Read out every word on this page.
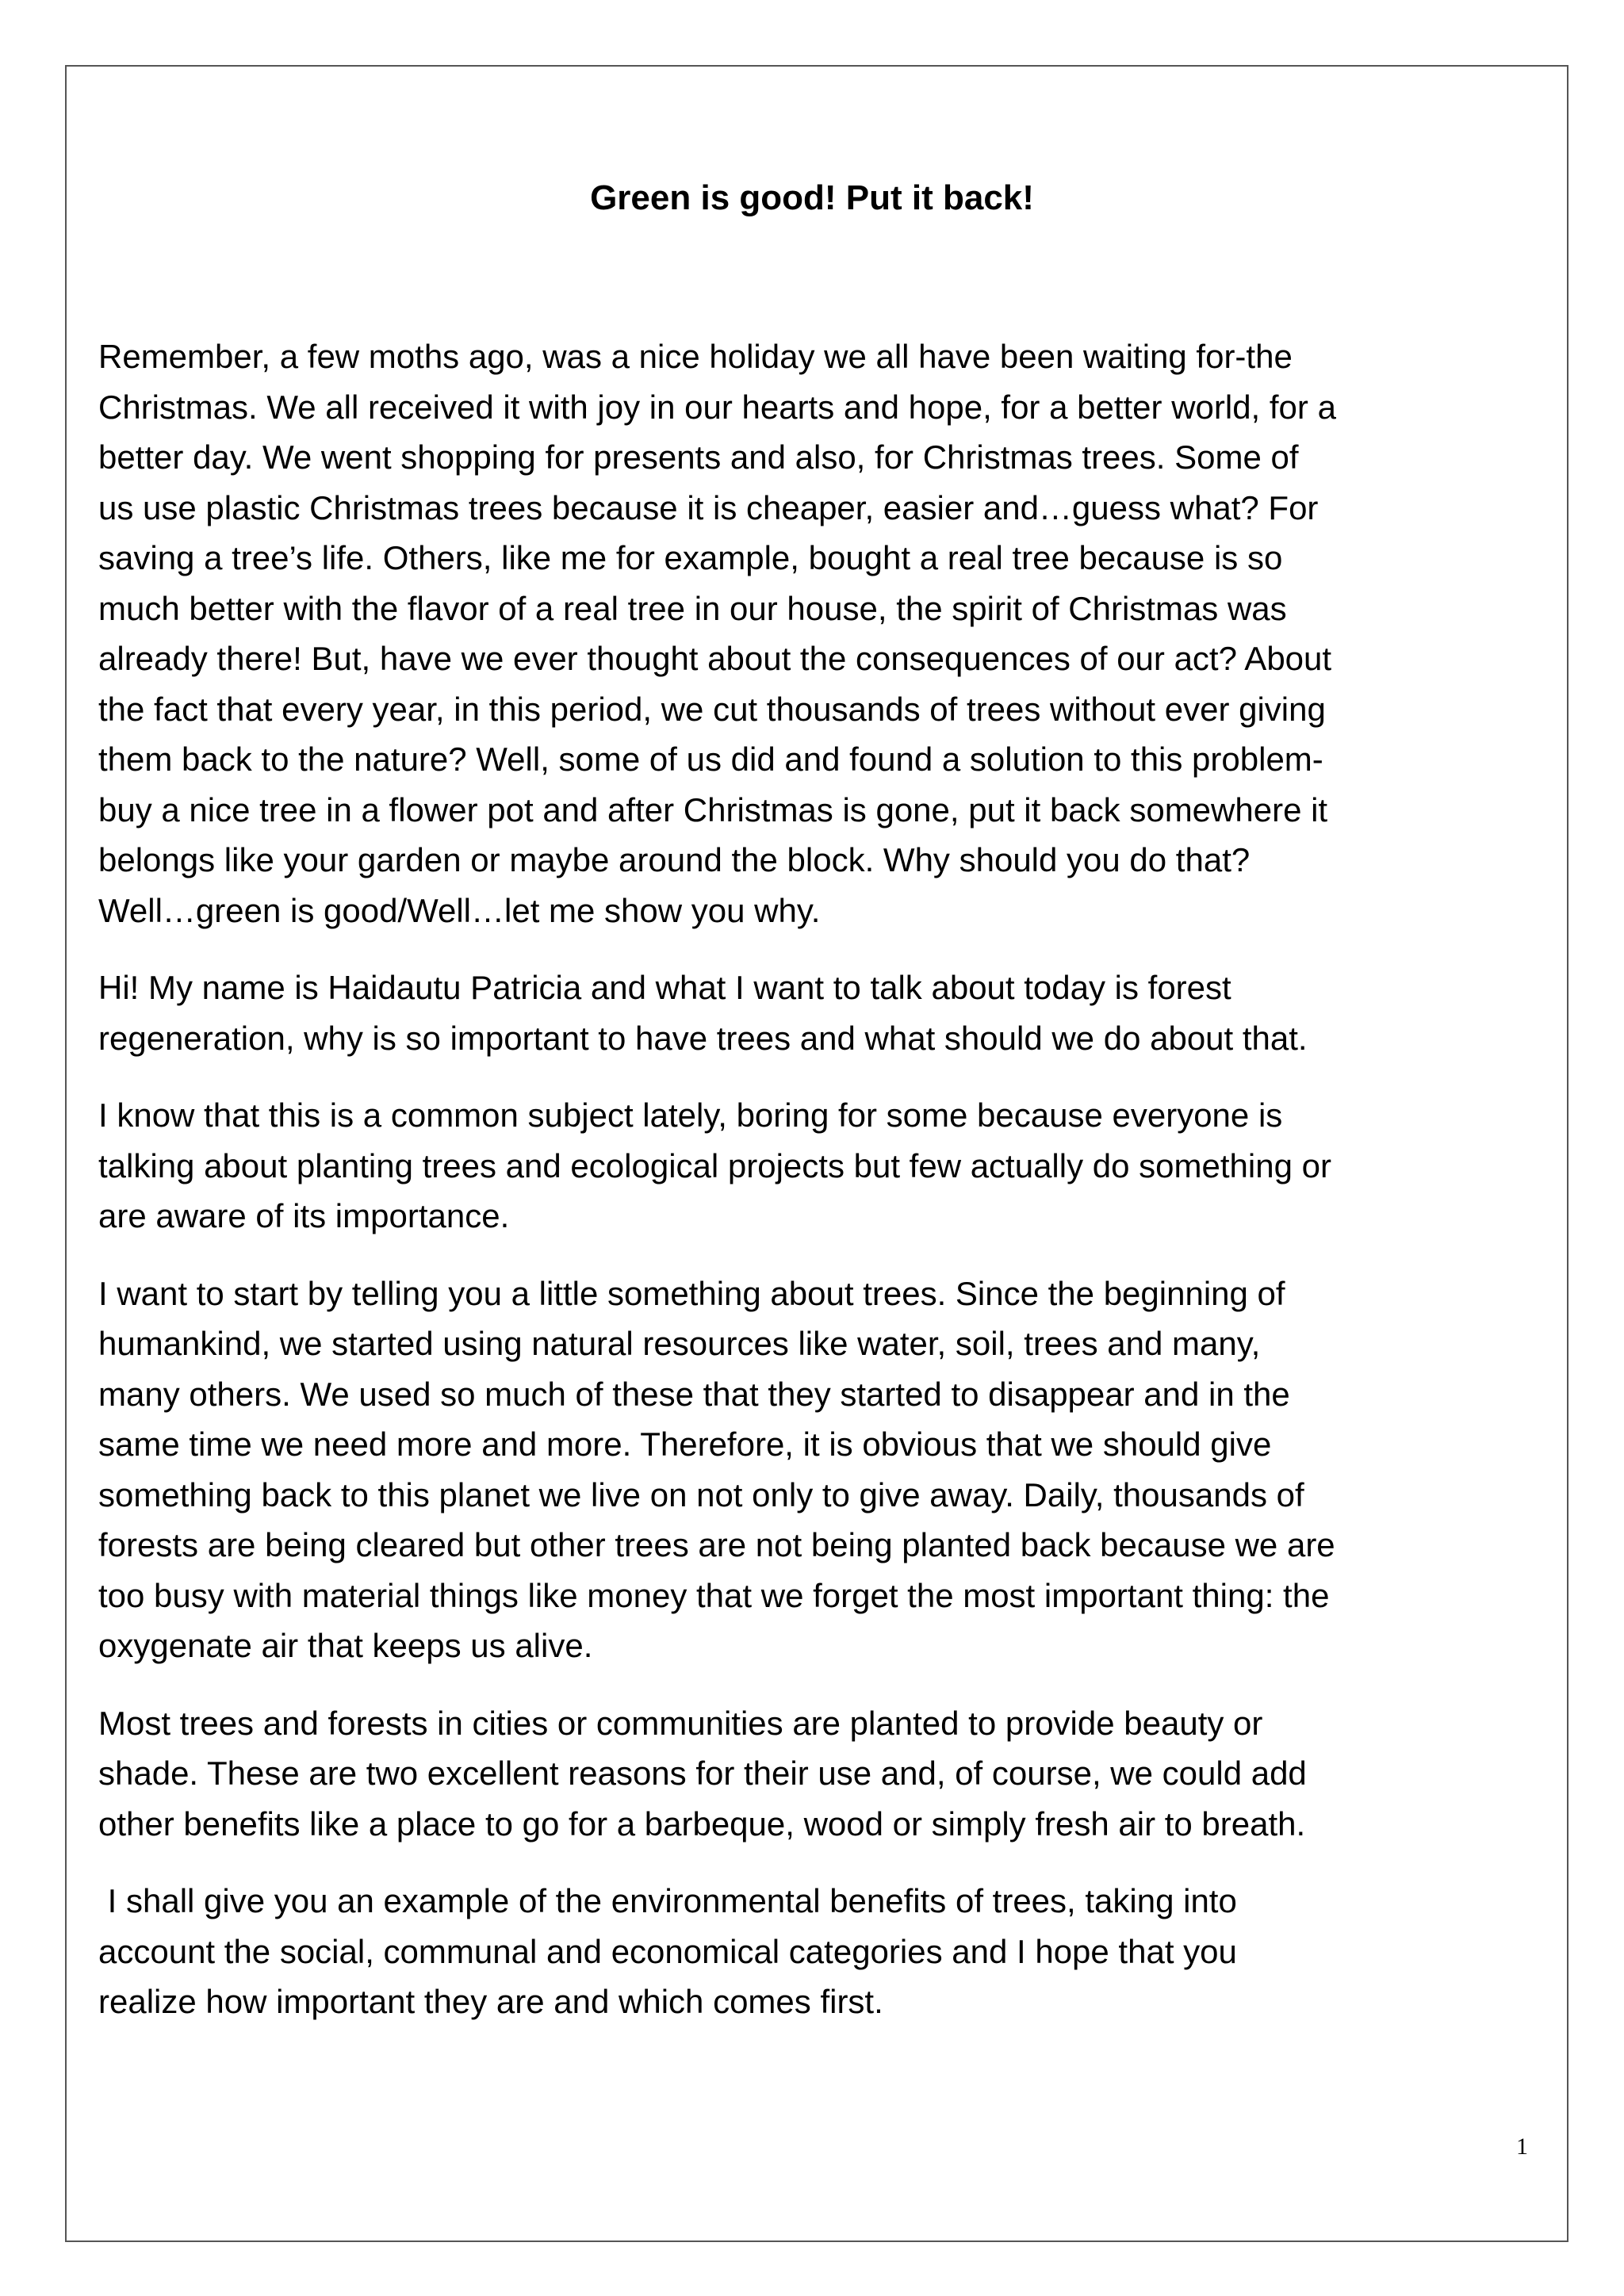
Green is good! Put it back!

Remember, a few moths ago, was a nice holiday we all have been waiting for-the
Christmas. We all received it with joy in our hearts and hope, for a better world, for a
better day. We went shopping for presents and also, for Christmas trees. Some of
us use plastic Christmas trees because it is cheaper, easier and…guess what? For
saving a tree’s life. Others, like me for example, bought a real tree because is so
much better with the flavor of a real tree in our house, the spirit of Christmas was
already there! But, have we ever thought about the consequences of our act? About
the fact that every year, in this period, we cut thousands of trees without ever giving
them back to the nature? Well, some of us did and found a solution to this problem-
buy a nice tree in a flower pot and after Christmas is gone, put it back somewhere it
belongs like your garden or maybe around the block. Why should you do that?
Well…green is good/Well…let me show you why.

Hi! My name is Haidautu Patricia and what I want to talk about today is forest
regeneration, why is so important to have trees and what should we do about that.

I know that this is a common subject lately, boring for some because everyone is
talking about planting trees and ecological projects but few actually do something or
are aware of its importance.

I want to start by telling you a little something about trees. Since the beginning of
humankind, we started using natural resources like water, soil, trees and many,
many others. We used so much of these that they started to disappear and in the
same time we need more and more. Therefore, it is obvious that we should give
something back to this planet we live on not only to give away. Daily, thousands of
forests are being cleared but other trees are not being planted back because we are
too busy with material things like money that we forget the most important thing: the
oxygenate air that keeps us alive.

Most trees and forests in cities or communities are planted to provide beauty or
shade. These are two excellent reasons for their use and, of course, we could add
other benefits like a place to go for a barbeque, wood or simply fresh air to breath.

I shall give you an example of the environmental benefits of trees, taking into
account the social, communal and economical categories and I hope that you
realize how important they are and which comes first.

1
